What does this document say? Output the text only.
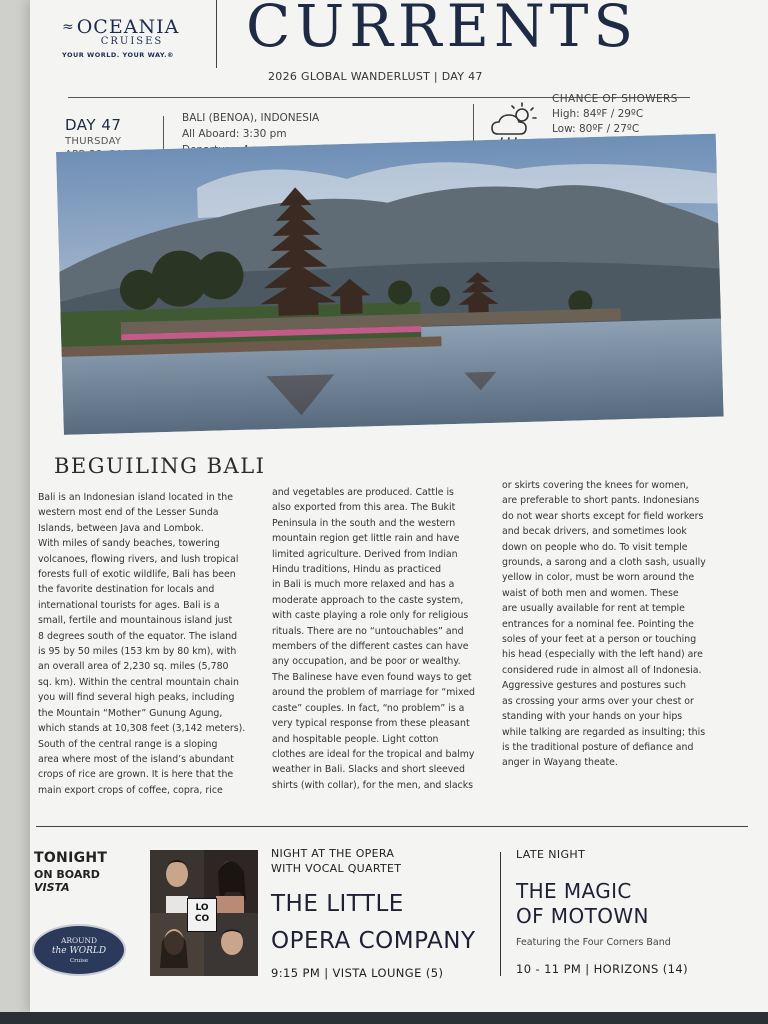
≈ OCEANIA
CRUISES
YOUR WORLD. YOUR WAY.®	CURRENTS
2026 GLOBAL WANDERLUST | DAY 47
DAY 47
THURSDAY
BALI (BENOA), INDONESIA
All Aboard: 3:30 pm
CHANCE OF SHOWERS
High: 84ºF / 29ºC
Low: 80ºF / 27ºC
BEGUILING BALI
Bali is an Indonesian island located in the
western most end of the Lesser Sunda
Islands, between Java and Lombok.
With miles of sandy beaches, towering
volcanoes, flowing rivers, and lush tropical
forests full of exotic wildlife, Bali has been
the favorite destination for locals and
international tourists for ages. Bali is a
small, fertile and mountainous island just
8 degrees south of the equator. The island
is 95 by 50 miles (153 km by 80 km), with
an overall area of 2,230 sq. miles (5,780
sq. km). Within the central mountain chain
you will find several high peaks, including
the Mountain “Mother” Gunung Agung,
which stands at 10,308 feet (3,142 meters).
South of the central range is a sloping
area where most of the island’s abundant
crops of rice are grown. It is here that the
main export crops of coffee, copra, rice
and vegetables are produced. Cattle is
also exported from this area. The Bukit
Peninsula in the south and the western
mountain region get little rain and have
limited agriculture. Derived from Indian
Hindu traditions, Hindu as practiced
in Bali is much more relaxed and has a
moderate approach to the caste system,
with caste playing a role only for religious
rituals. There are no “untouchables” and
members of the different castes can have
any occupation, and be poor or wealthy.
The Balinese have even found ways to get
around the problem of marriage for “mixed
caste” couples. In fact, “no problem” is a
very typical response from these pleasant
and hospitable people. Light cotton
clothes are ideal for the tropical and balmy
weather in Bali. Slacks and short sleeved
shirts (with collar), for the men, and slacks
or skirts covering the knees for women,
are preferable to short pants. Indonesians
do not wear shorts except for field workers
and becak drivers, and sometimes look
down on people who do. To visit temple
grounds, a sarong and a cloth sash, usually
yellow in color, must be worn around the
waist of both men and women. These
are usually available for rent at temple
entrances for a nominal fee. Pointing the
soles of your feet at a person or touching
his head (especially with the left hand) are
considered rude in almost all of Indonesia.
Aggressive gestures and postures such
as crossing your arms over your chest or
standing with your hands on your hips
while talking are regarded as insulting; this
is the traditional posture of defiance and
anger in Wayang theate.
TONIGHT
ON BOARD
VISTA
AROUND
the WORLD
Cruise
LO CO
NIGHT AT THE OPERA
WITH VOCAL QUARTET
THE LITTLE
OPERA COMPANY
9:15 PM | VISTA LOUNGE (5)
LATE NIGHT
THE MAGIC
OF MOTOWN
Featuring the Four Corners Band
10 - 11 PM | HORIZONS (14)
